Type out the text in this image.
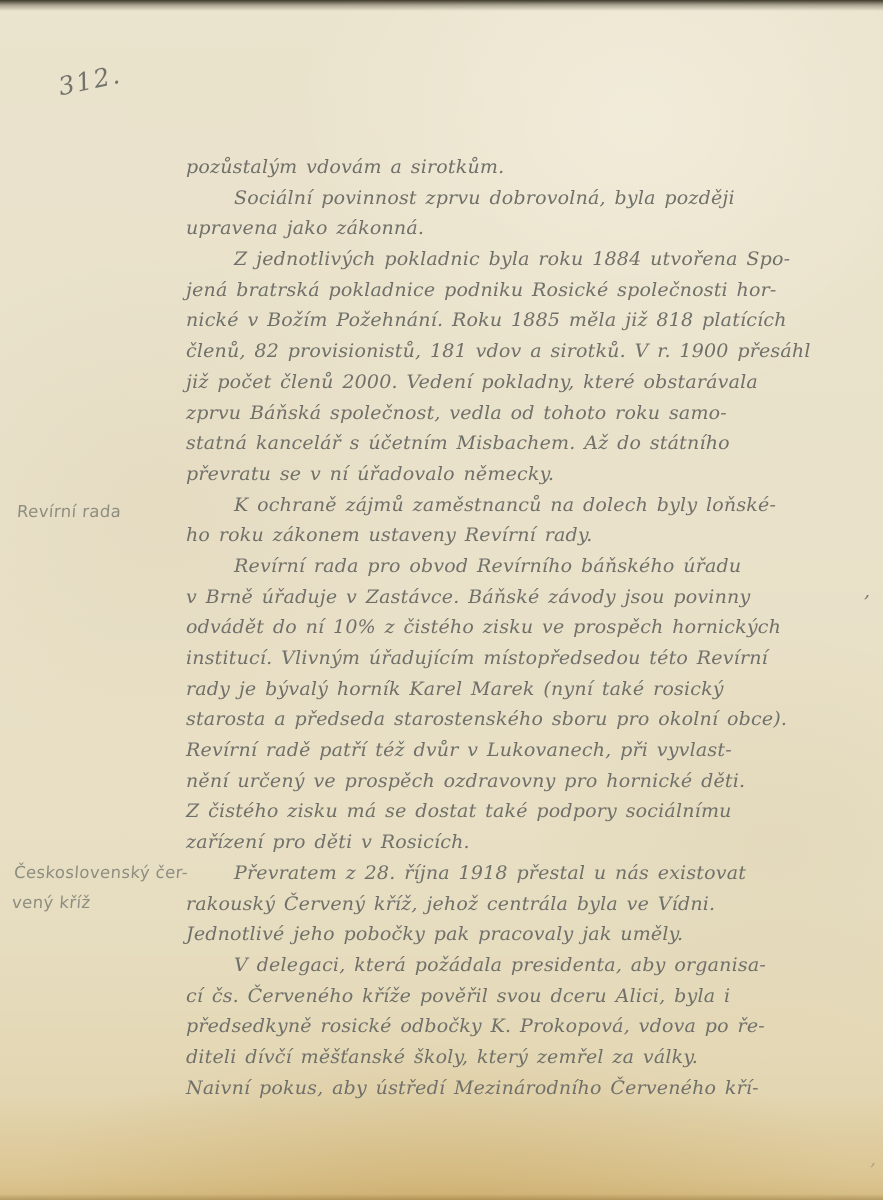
312.
Revírní rada
Československý čer-
vený kříž
pozůstalým vdovám a sirotkům.
Sociální povinnost zprvu dobrovolná, byla později
upravena jako zákonná.
Z jednotlivých pokladnic byla roku 1884 utvořena Spo-
jená bratrská pokladnice podniku Rosické společnosti hor-
nické v Božím Požehnání. Roku 1885 měla již 818 platících
členů, 82 provisionistů, 181 vdov a sirotků. V r. 1900 přesáhl
již počet členů 2000. Vedení pokladny, které obstarávala
zprvu Báňská společnost, vedla od tohoto roku samo-
statná kancelář s účetním Misbachem. Až do státního
převratu se v ní úřadovalo německy.
K ochraně zájmů zaměstnanců na dolech byly loňské-
ho roku zákonem ustaveny Revírní rady.
Revírní rada pro obvod Revírního báňského úřadu
v Brně úřaduje v Zastávce. Báňské závody jsou povinny
odvádět do ní 10% z čistého zisku ve prospěch hornických
institucí. Vlivným úřadujícím místopředsedou této Revírní
rady je bývalý horník Karel Marek (nyní také rosický
starosta a předseda starostenského sboru pro okolní obce).
Revírní radě patří též dvůr v Lukovanech, při vyvlast-
nění určený ve prospěch ozdravovny pro hornické děti.
Z čistého zisku má se dostat také podpory sociálnímu
zařízení pro děti v Rosicích.
Převratem z 28. října 1918 přestal u nás existovat
rakouský Červený kříž, jehož centrála byla ve Vídni.
Jednotlivé jeho pobočky pak pracovaly jak uměly.
V delegaci, která požádala presidenta, aby organisa-
cí čs. Červeného kříže pověřil svou dceru Alici, byla i
předsedkyně rosické odbočky K. Prokopová, vdova po ře-
diteli dívčí měšťanské školy, který zemřel za války.
Naivní pokus, aby ústředí Mezinárodního Červeného kří-
,
,
